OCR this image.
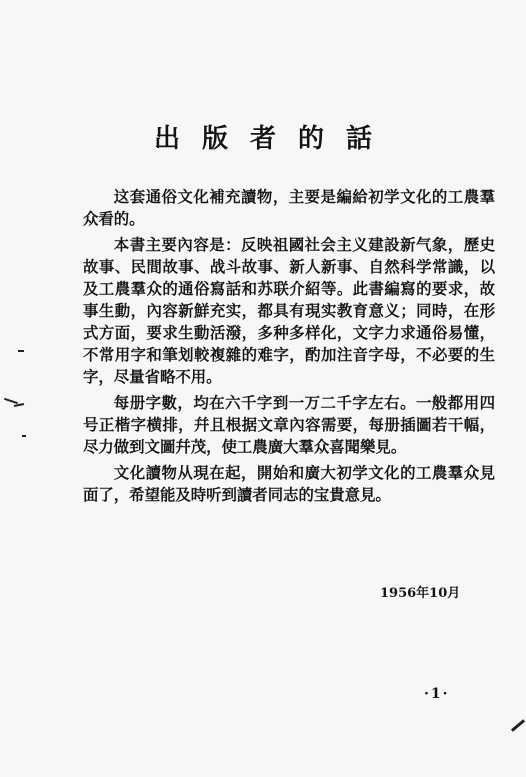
出版者的話

这套通俗文化補充讀物，主要是編給初学文化的工農羣众看的。

本書主要內容是：反映祖國社会主义建設新气象，歷史故事、民間故事、战斗故事、新人新事、自然科学常識，以及工農羣众的通俗寫話和苏联介紹等。此書編寫的要求，故事生動，內容新鮮充实，都具有現实教育意义；同時，在形式方面，要求生動活潑，多种多样化，文字力求通俗易懂，不常用字和筆划較複雜的难字，酌加注音字母，不必要的生字，尽量省略不用。

每册字數，均在六千字到一万二千字左右。一般都用四号正楷字横排，幷且根据文章內容需要，每册插圖若干幅，尽力做到文圖幷茂，使工農廣大羣众喜聞樂見。

文化讀物从現在起，開始和廣大初学文化的工農羣众見面了，希望能及時听到讀者同志的宝貴意見。

1956年10月
·1·
